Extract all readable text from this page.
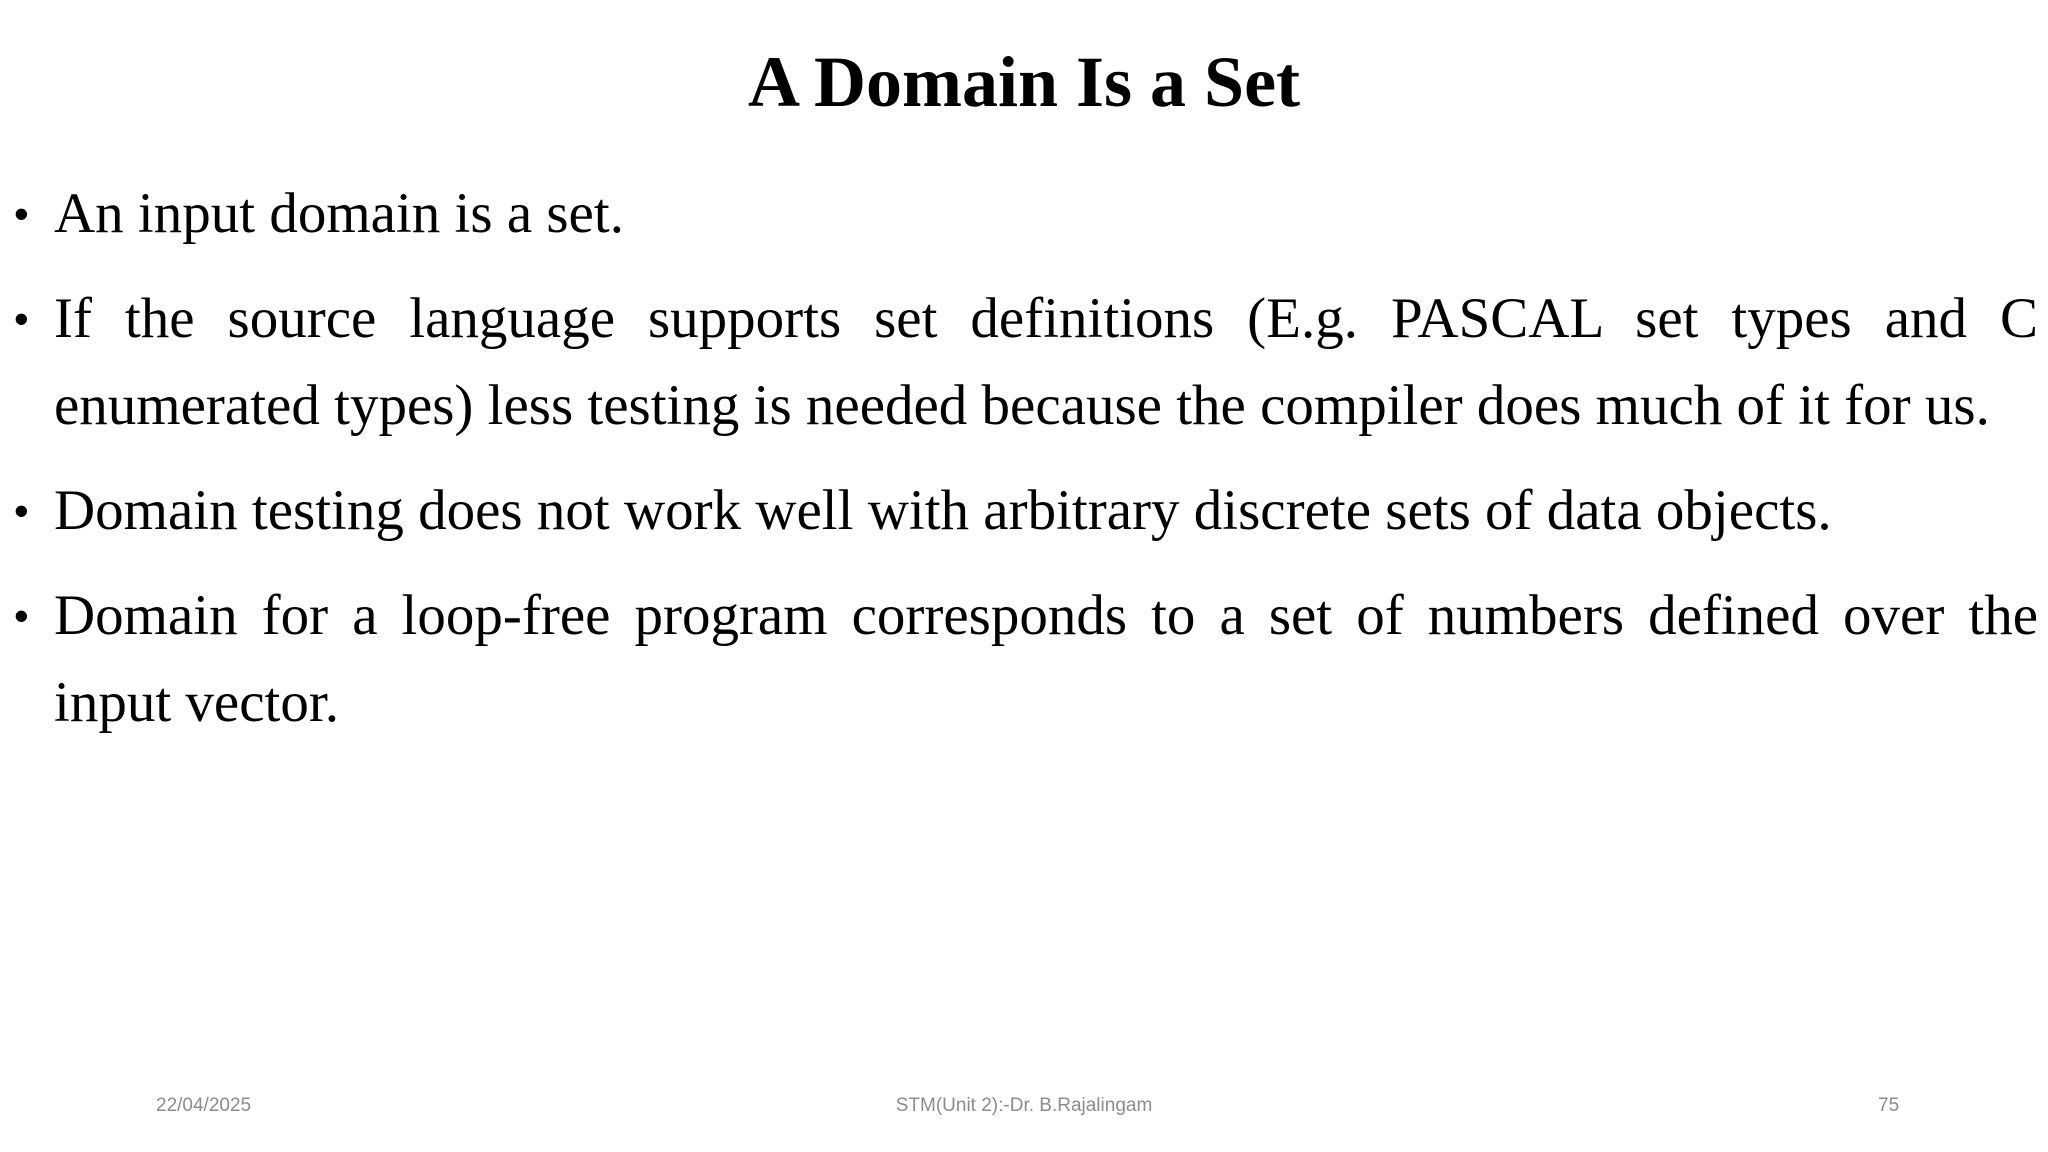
A Domain Is a Set
• An input domain is a set.

• If the source language supports set definitions (E.g. PASCAL set types and C enumerated types) less testing is needed because the compiler does much of it for us.

• Domain testing does not work well with arbitrary discrete sets of data objects.

• Domain for a loop-free program corresponds to a set of numbers defined over the input vector.

22/04/2025	STM(Unit 2):-Dr. B.Rajalingam	75
